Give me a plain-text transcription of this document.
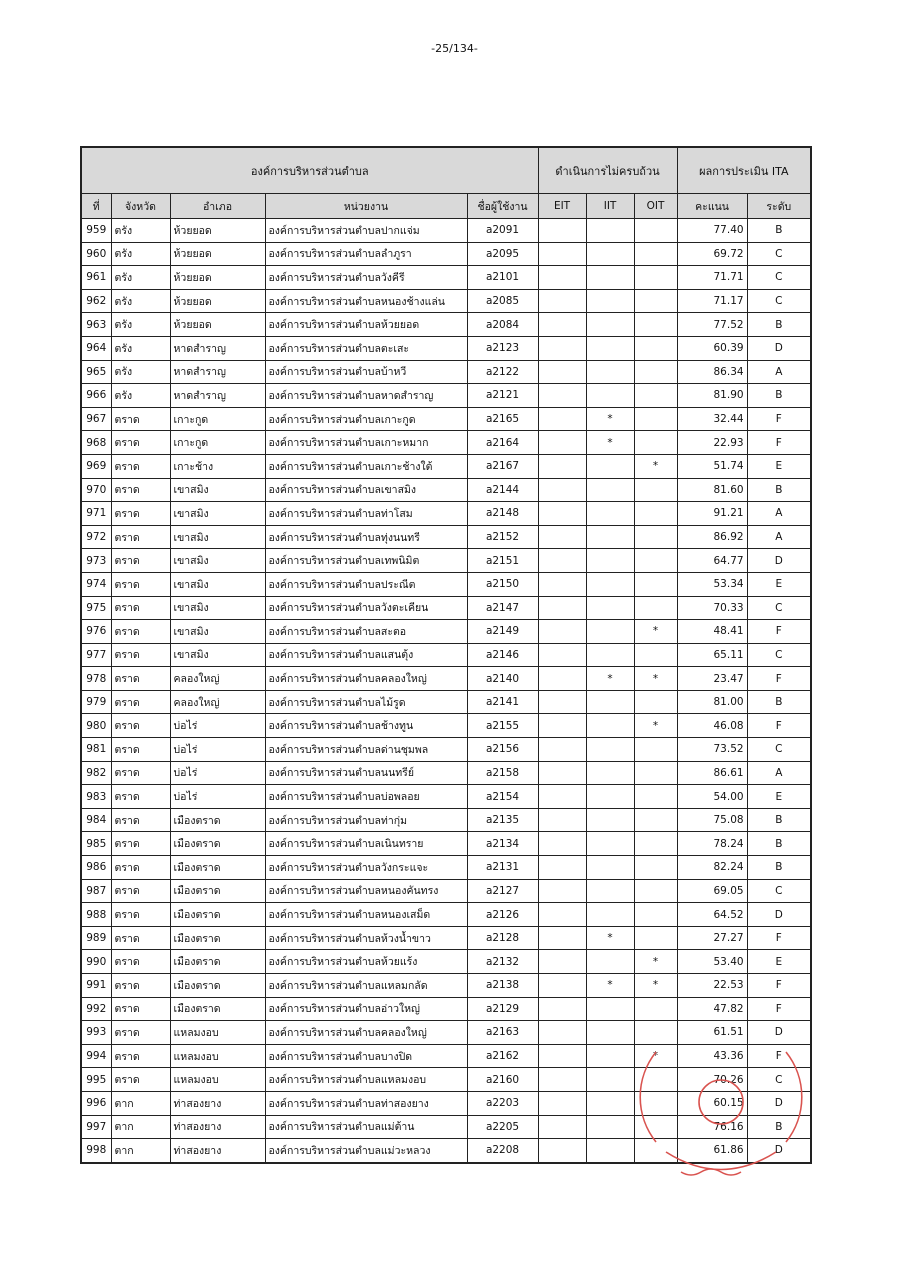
-25/134-
องค์การบริหารส่วนตำบล					ดำเนินการไม่ครบถ้วน			ผลการประเมิน ITA	
ที่	จังหวัด	อำเภอ	หน่วยงาน	ชื่อผู้ใช้งาน	EIT	IIT	OIT	คะแนน	ระดับ
959	ตรัง	ห้วยยอด	องค์การบริหารส่วนตำบลปากแจ่ม	a2091				77.40	B
960	ตรัง	ห้วยยอด	องค์การบริหารส่วนตำบลลำภูรา	a2095				69.72	C
961	ตรัง	ห้วยยอด	องค์การบริหารส่วนตำบลวังคีรี	a2101				71.71	C
962	ตรัง	ห้วยยอด	องค์การบริหารส่วนตำบลหนองช้างแล่น	a2085				71.17	C
963	ตรัง	ห้วยยอด	องค์การบริหารส่วนตำบลห้วยยอด	a2084				77.52	B
964	ตรัง	หาดสำราญ	องค์การบริหารส่วนตำบลตะเสะ	a2123				60.39	D
965	ตรัง	หาดสำราญ	องค์การบริหารส่วนตำบลบ้าหวี	a2122				86.34	A
966	ตรัง	หาดสำราญ	องค์การบริหารส่วนตำบลหาดสำราญ	a2121				81.90	B
967	ตราด	เกาะกูด	องค์การบริหารส่วนตำบลเกาะกูด	a2165		*		32.44	F
968	ตราด	เกาะกูด	องค์การบริหารส่วนตำบลเกาะหมาก	a2164		*		22.93	F
969	ตราด	เกาะช้าง	องค์การบริหารส่วนตำบลเกาะช้างใต้	a2167			*	51.74	E
970	ตราด	เขาสมิง	องค์การบริหารส่วนตำบลเขาสมิง	a2144				81.60	B
971	ตราด	เขาสมิง	องค์การบริหารส่วนตำบลท่าโสม	a2148				91.21	A
972	ตราด	เขาสมิง	องค์การบริหารส่วนตำบลทุ่งนนทรี	a2152				86.92	A
973	ตราด	เขาสมิง	องค์การบริหารส่วนตำบลเทพนิมิต	a2151				64.77	D
974	ตราด	เขาสมิง	องค์การบริหารส่วนตำบลประณีต	a2150				53.34	E
975	ตราด	เขาสมิง	องค์การบริหารส่วนตำบลวังตะเคียน	a2147				70.33	C
976	ตราด	เขาสมิง	องค์การบริหารส่วนตำบลสะตอ	a2149			*	48.41	F
977	ตราด	เขาสมิง	องค์การบริหารส่วนตำบลแสนตุ้ง	a2146				65.11	C
978	ตราด	คลองใหญ่	องค์การบริหารส่วนตำบลคลองใหญ่	a2140		*	*	23.47	F
979	ตราด	คลองใหญ่	องค์การบริหารส่วนตำบลไม้รูด	a2141				81.00	B
980	ตราด	บ่อไร่	องค์การบริหารส่วนตำบลช้างทูน	a2155			*	46.08	F
981	ตราด	บ่อไร่	องค์การบริหารส่วนตำบลด่านชุมพล	a2156				73.52	C
982	ตราด	บ่อไร่	องค์การบริหารส่วนตำบลนนทรีย์	a2158				86.61	A
983	ตราด	บ่อไร่	องค์การบริหารส่วนตำบลบ่อพลอย	a2154				54.00	E
984	ตราด	เมืองตราด	องค์การบริหารส่วนตำบลท่ากุ่ม	a2135				75.08	B
985	ตราด	เมืองตราด	องค์การบริหารส่วนตำบลเนินทราย	a2134				78.24	B
986	ตราด	เมืองตราด	องค์การบริหารส่วนตำบลวังกระแจะ	a2131				82.24	B
987	ตราด	เมืองตราด	องค์การบริหารส่วนตำบลหนองคันทรง	a2127				69.05	C
988	ตราด	เมืองตราด	องค์การบริหารส่วนตำบลหนองเสม็ด	a2126				64.52	D
989	ตราด	เมืองตราด	องค์การบริหารส่วนตำบลห้วงน้ำขาว	a2128		*		27.27	F
990	ตราด	เมืองตราด	องค์การบริหารส่วนตำบลห้วยแร้ง	a2132			*	53.40	E
991	ตราด	เมืองตราด	องค์การบริหารส่วนตำบลแหลมกลัด	a2138		*	*	22.53	F
992	ตราด	เมืองตราด	องค์การบริหารส่วนตำบลอ่าวใหญ่	a2129				47.82	F
993	ตราด	แหลมงอบ	องค์การบริหารส่วนตำบลคลองใหญ่	a2163				61.51	D
994	ตราด	แหลมงอบ	องค์การบริหารส่วนตำบลบางปิด	a2162			*	43.36	F
995	ตราด	แหลมงอบ	องค์การบริหารส่วนตำบลแหลมงอบ	a2160				70.26	C
996	ตาก	ท่าสองยาง	องค์การบริหารส่วนตำบลท่าสองยาง	a2203				60.15	D
997	ตาก	ท่าสองยาง	องค์การบริหารส่วนตำบลแม่ต้าน	a2205				76.16	B
998	ตาก	ท่าสองยาง	องค์การบริหารส่วนตำบลแม่วะหลวง	a2208				61.86	D
